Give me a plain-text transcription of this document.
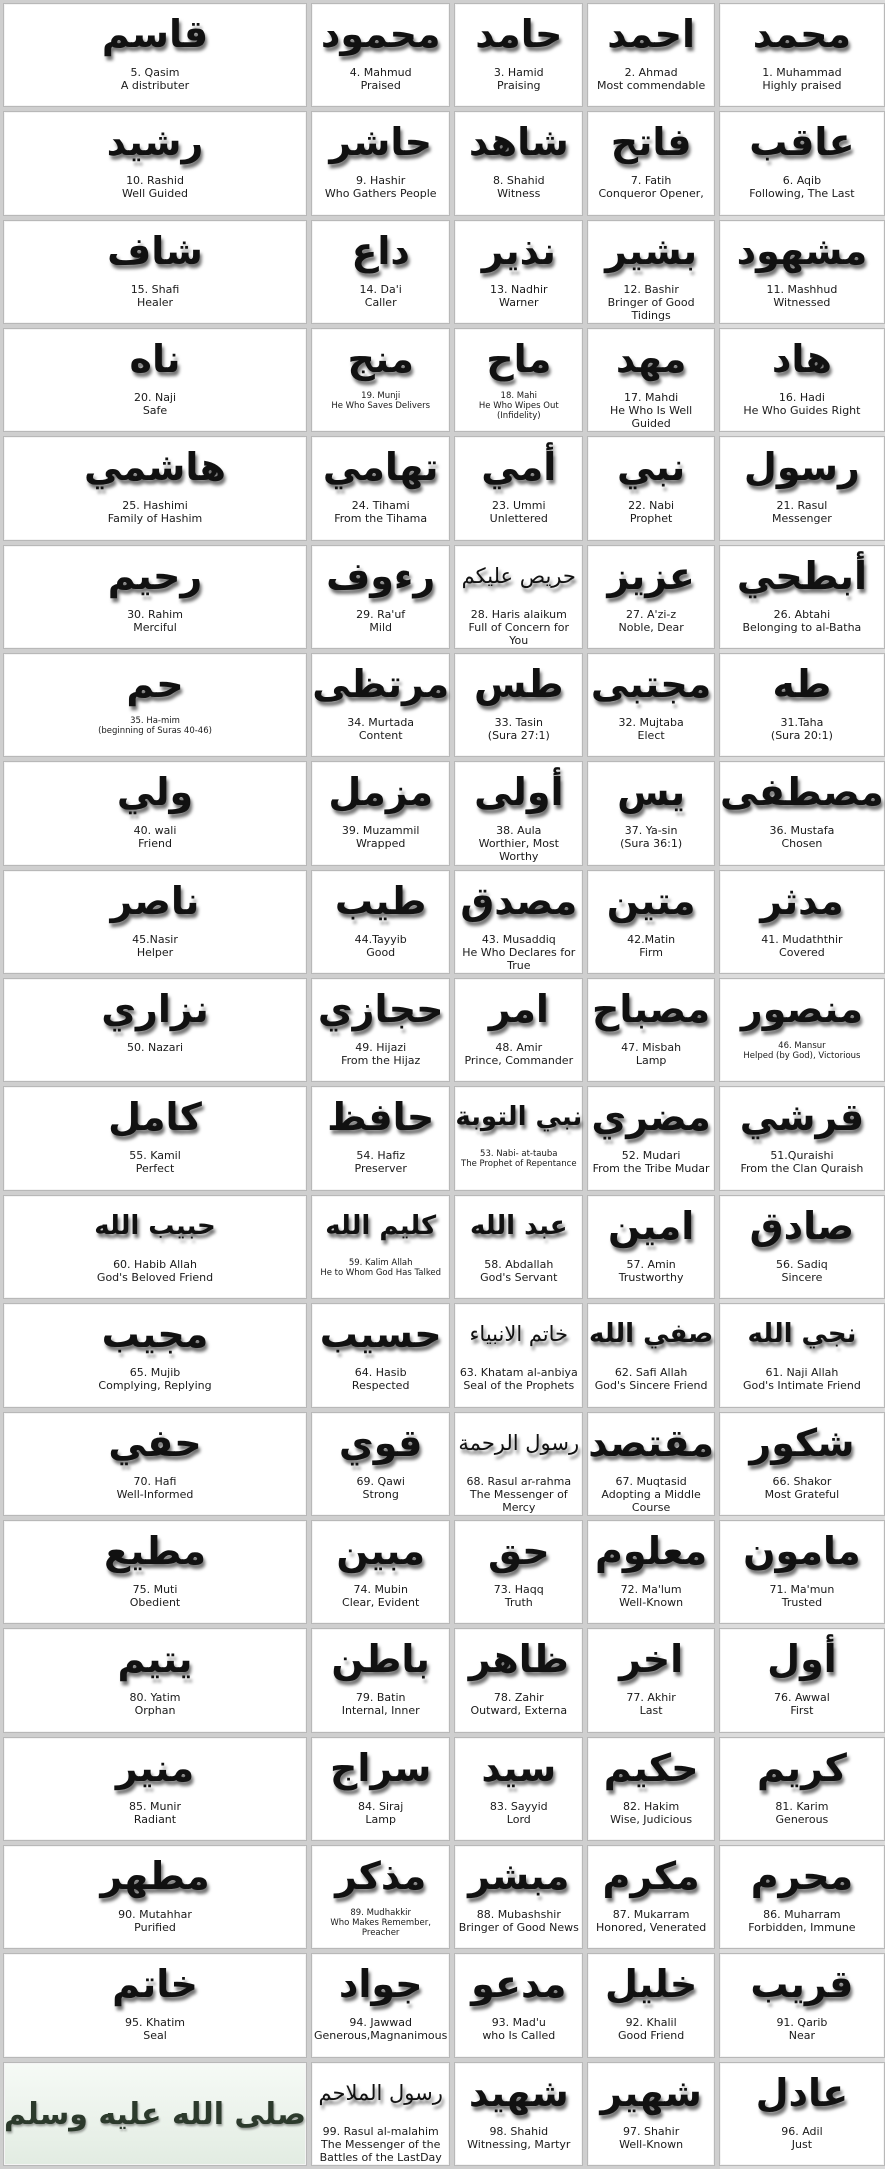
قاسم
5. Qasim
A distributer
محمود
4. Mahmud
Praised
حامد
3. Hamid
Praising
احمد
2. Ahmad
Most commendable
محمد
1. Muhammad
Highly praised
رشيد
10. Rashid
Well Guided
حاشر
9. Hashir
Who Gathers People
شاهد
8. Shahid
Witness
فاتح
7. Fatih
Conqueror Opener,
عاقب
6. Aqib
Following, The Last
شاف
15. Shafi
Healer
داع
14. Da'i
Caller
نذير
13. Nadhir
Warner
بشير
12. Bashir
Bringer of Good Tidings
مشهود
11. Mashhud
Witnessed
ناه
20. Naji
Safe
منج
19. Munji
He Who Saves Delivers
ماح
18. Mahi
He Who Wipes Out (Infidelity)
مهد
17. Mahdi
He Who Is Well Guided
هاد
16. Hadi
He Who Guides Right
هاشمي
25. Hashimi
Family of Hashim
تهامي
24. Tihami
From the Tihama
أمي
23. Ummi
Unlettered
نبي
22. Nabi
Prophet
رسول
21. Rasul
Messenger
رحيم
30. Rahim
Merciful
رءوف
29. Ra'uf
Mild
حريص عليكم
28. Haris alaikum
Full of Concern for You
عزيز
27. A'zi-z
Noble, Dear
أبطحي
26. Abtahi
Belonging to al-Batha
حم
35. Ha-mim
(beginning of Suras 40-46)
مرتظى
34. Murtada
Content
طس
33. Tasin
(Sura 27:1)
مجتبى
32. Mujtaba
Elect
طه
31.Taha
(Sura 20:1)
ولي
40. wali
Friend
مزمل
39. Muzammil
Wrapped
أولى
38. Aula
Worthier, Most Worthy
يس
37. Ya-sin
(Sura 36:1)
مصطفى
36. Mustafa
Chosen
ناصر
45.Nasir
Helper
طيب
44.Tayyib
Good
مصدق
43. Musaddiq
He Who Declares for True
متين
42.Matin
Firm
مدثر
41. Mudaththir
Covered
نزاري
50. Nazari
حجازي
49. Hijazi
From the Hijaz
امر
48. Amir
Prince, Commander
مصباح
47. Misbah
Lamp
منصور
46. Mansur
Helped (by God), Victorious
كامل
55. Kamil
Perfect
حافظ
54. Hafiz
Preserver
نبي التوبة
53. Nabi- at-tauba
The Prophet of Repentance
مضري
52. Mudari
From the Tribe Mudar
قرشي
51.Quraishi
From the Clan Quraish
حبيب الله
60. Habib Allah
God's Beloved Friend
كليم الله
59. Kalim Allah
He to Whom God Has Talked
عبد الله
58. Abdallah
God's Servant
امين
57. Amin
Trustworthy
صادق
56. Sadiq
Sincere
مجيب
65. Mujib
Complying, Replying
حسيب
64. Hasib
Respected
خاتم الانبياء
63. Khatam al-anbiya
Seal of the Prophets
صفي الله
62. Safi Allah
God's Sincere Friend
نجي الله
61. Naji Allah
God's Intimate Friend
حفي
70. Hafi
Well-Informed
قوي
69. Qawi
Strong
رسول الرحمة
68. Rasul ar-rahma
The Messenger of Mercy
مقتصد
67. Muqtasid
Adopting a Middle Course
شكور
66. Shakor
Most Grateful
مطيع
75. Muti
Obedient
مبين
74. Mubin
Clear, Evident
حق
73. Haqq
Truth
معلوم
72. Ma'lum
Well-Known
مامون
71. Ma'mun
Trusted
يتيم
80. Yatim
Orphan
باطن
79. Batin
Internal, Inner
ظاهر
78. Zahir
Outward, Externa
اخر
77. Akhir
Last
أول
76. Awwal
First
منير
85. Munir
Radiant
سراج
84. Siraj
Lamp
سيد
83. Sayyid
Lord
حكيم
82. Hakim
Wise, Judicious
كريم
81. Karim
Generous
مطهر
90. Mutahhar
Purified
مذكر
89. Mudhakkir
Who Makes Remember, Preacher
مبشر
88. Mubashshir
Bringer of Good News
مكرم
87. Mukarram
Honored, Venerated
محرم
86. Muharram
Forbidden, Immune
خاتم
95. Khatim
Seal
جواد
94. Jawwad
Generous,Magnanimous
مدعو
93. Mad'u
who Is Called
خليل
92. Khalil
Good Friend
قريب
91. Qarib
Near
صلى الله عليه وسلم
رسول الملاحم
99. Rasul al-malahim
The Messenger of the Battles of the LastDay
شهيد
98. Shahid
Witnessing, Martyr
شهير
97. Shahir
Well-Known
عادل
96. Adil
Just
